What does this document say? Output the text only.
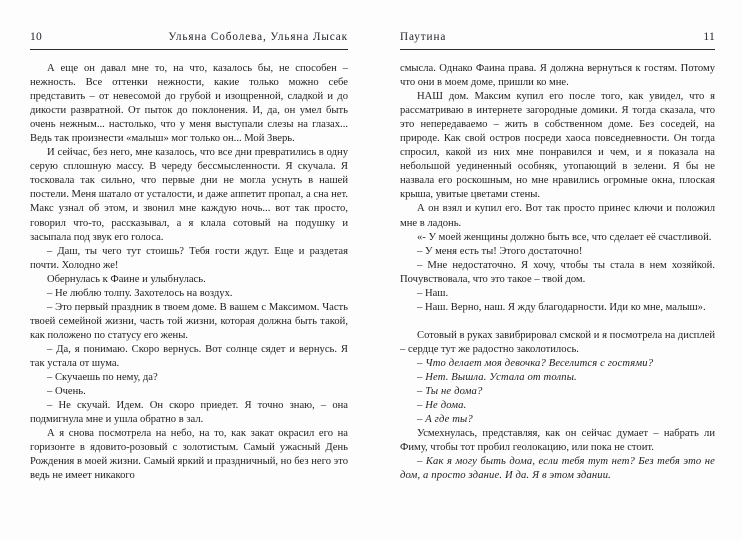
10	Ульяна Соболева, Ульяна Лысак

А еще он давал мне то, на что, казалось бы, не способен – нежность. Все оттенки нежности, какие только можно себе представить – от невесомой до грубой и изощренной, сладкой и до дикости развратной. От пыток до поклонения. И, да, он умел быть очень нежным... настолько, что у меня выступали слезы на глазах... Ведь так произнести «малыш» мог только он... Мой Зверь.

И сейчас, без него, мне казалось, что все дни превратились в одну серую сплошную массу. В череду бессмысленности. Я скучала. Я тосковала так сильно, что первые дни не могла уснуть в нашей постели. Меня шатало от усталости, и даже аппетит пропал, а сна нет. Макс узнал об этом, и звонил мне каждую ночь... вот так просто, говорил что-то, рассказывал, а я клала сотовый на подушку и засыпала под звук его голоса.

– Даш, ты чего тут стоишь? Тебя гости ждут. Еще и раздетая почти. Холодно же!

Обернулась к Фаине и улыбнулась.

– Не люблю толпу. Захотелось на воздух.

– Это первый праздник в твоем доме. В вашем с Максимом. Часть твоей семейной жизни, часть той жизни, которая должна быть такой, как положено по статусу его жены.

– Да, я понимаю. Скоро вернусь. Вот солнце сядет и вернусь. Я так устала от шума.

– Скучаешь по нему, да?

– Очень.

– Не скучай. Идем. Он скоро приедет. Я точно знаю, – она подмигнула мне и ушла обратно в зал.

А я снова посмотрела на небо, на то, как закат окрасил его на горизонте в ядовито-розовый с золотистым. Самый ужасный День Рождения в моей жизни. Самый яркий и праздничный, но без него это ведь не имеет никакого

Паутина	11

смысла. Однако Фаина права. Я должна вернуться к гостям. Потому что они в моем доме, пришли ко мне.

НАШ дом. Максим купил его после того, как увидел, что я рассматриваю в интернете загородные домики. Я тогда сказала, что это непередаваемо – жить в собственном доме. Без соседей, на природе. Как свой остров посреди хаоса повседневности. Он тогда спросил, какой из них мне понравился и чем, и я показала на небольшой уединенный особняк, утопающий в зелени. Я бы не назвала его роскошным, но мне нравились огромные окна, плоская крыша, увитые цветами стены.

А он взял и купил его. Вот так просто принес ключи и положил мне в ладонь.

«- У моей женщины должно быть все, что сделает её счастливой.

– У меня есть ты! Этого достаточно!

– Мне недостаточно. Я хочу, чтобы ты стала в нем хозяйкой. Почувствовала, что это такое – твой дом.

– Наш.

– Наш. Верно, наш. Я жду благодарности. Иди ко мне, малыш».

Сотовый в руках завибрировал смской и я посмотрела на дисплей – сердце тут же радостно заколотилось.

– Что делает моя девочка? Веселится с гостями?

– Нет. Вышла. Устала от толпы.

– Ты не дома?

– Не дома.

– А где ты?

Усмехнулась, представляя, как он сейчас думает – набрать ли Фиму, чтобы тот пробил геолокацию, или пока не стоит.

– Как я могу быть дома, если тебя тут нет? Без тебя это не дом, а просто здание. И да. Я в этом здании.
